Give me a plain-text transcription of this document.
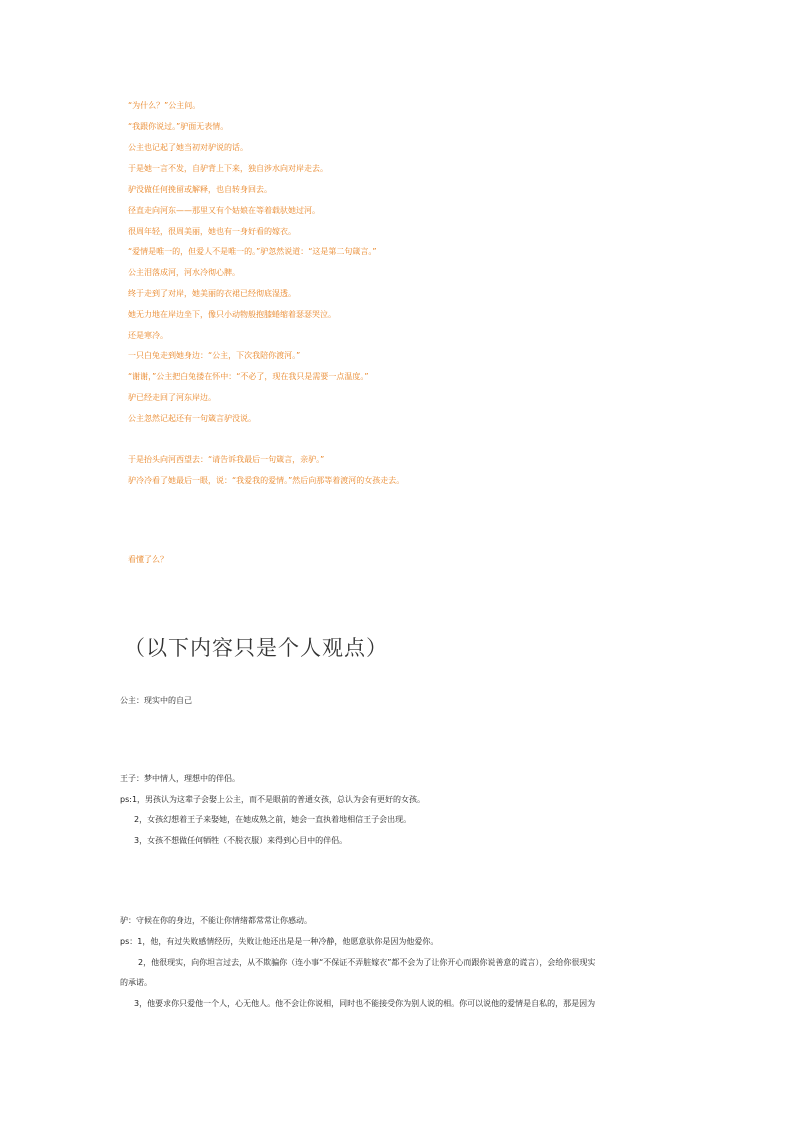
“为什么？”公主问。
“我跟你说过。”驴面无表情。
公主也记起了她当初对驴说的话。
于是她一言不发，自驴背上下来，独自涉水向对岸走去。
驴没做任何挽留或解释，也自转身回去。
径直走向河东——那里又有个姑娘在等着载驮她过河。
很周年轻，很周美丽，她也有一身好看的嫁衣。
“爱情是唯一的，但爱人不是唯一的。”驴忽然说道：“这是第二句箴言。”
公主泪落成河，河水冷彻心脾。
终于走到了对岸，她美丽的衣裙已经彻底湿透。
她无力地在岸边坐下，像只小动物般抱膝蜷缩着瑟瑟哭泣。
还是寒冷。
一只白兔走到她身边：“公主，下次我陪你渡河。”
“谢谢，”公主把白兔搂在怀中：“不必了，现在我只是需要一点温度。”
驴已经走回了河东岸边。
公主忽然记起还有一句箴言驴没说。
于是抬头向河西望去：“请告诉我最后一句箴言，亲驴。”
驴冷冷看了她最后一眼，说：“我爱我的爱情。”然后向那等着渡河的女孩走去。
看懂了么？
（以下内容只是个人观点）
公主：现实中的自己
王子：梦中情人，理想中的伴侣。
ps:1，男孩认为这辈子会娶上公主，而不是眼前的普通女孩，总认为会有更好的女孩。
2，女孩幻想着王子来娶她，在她成熟之前，她会一直执着地相信王子会出现。
3，女孩不想做任何牺牲（不脱衣服）来得到心目中的伴侣。
驴：守候在你的身边，不能让你情绪都常常让你感动。
ps：1，他，有过失败感情经历，失败让他还出是是一种冷静，他愿意驮你是因为他爱你。
2，他很现实，向你坦言过去，从不欺骗你（连小事“不保证不弄脏嫁衣”都不会为了让你开心而跟你说善意的谎言），会给你很现实
的承诺。
3，他要求你只爱他一个人，心无他人。他不会让你说相，同时也不能接受你为别人说的相。你可以说他的爱情是自私的，那是因为
